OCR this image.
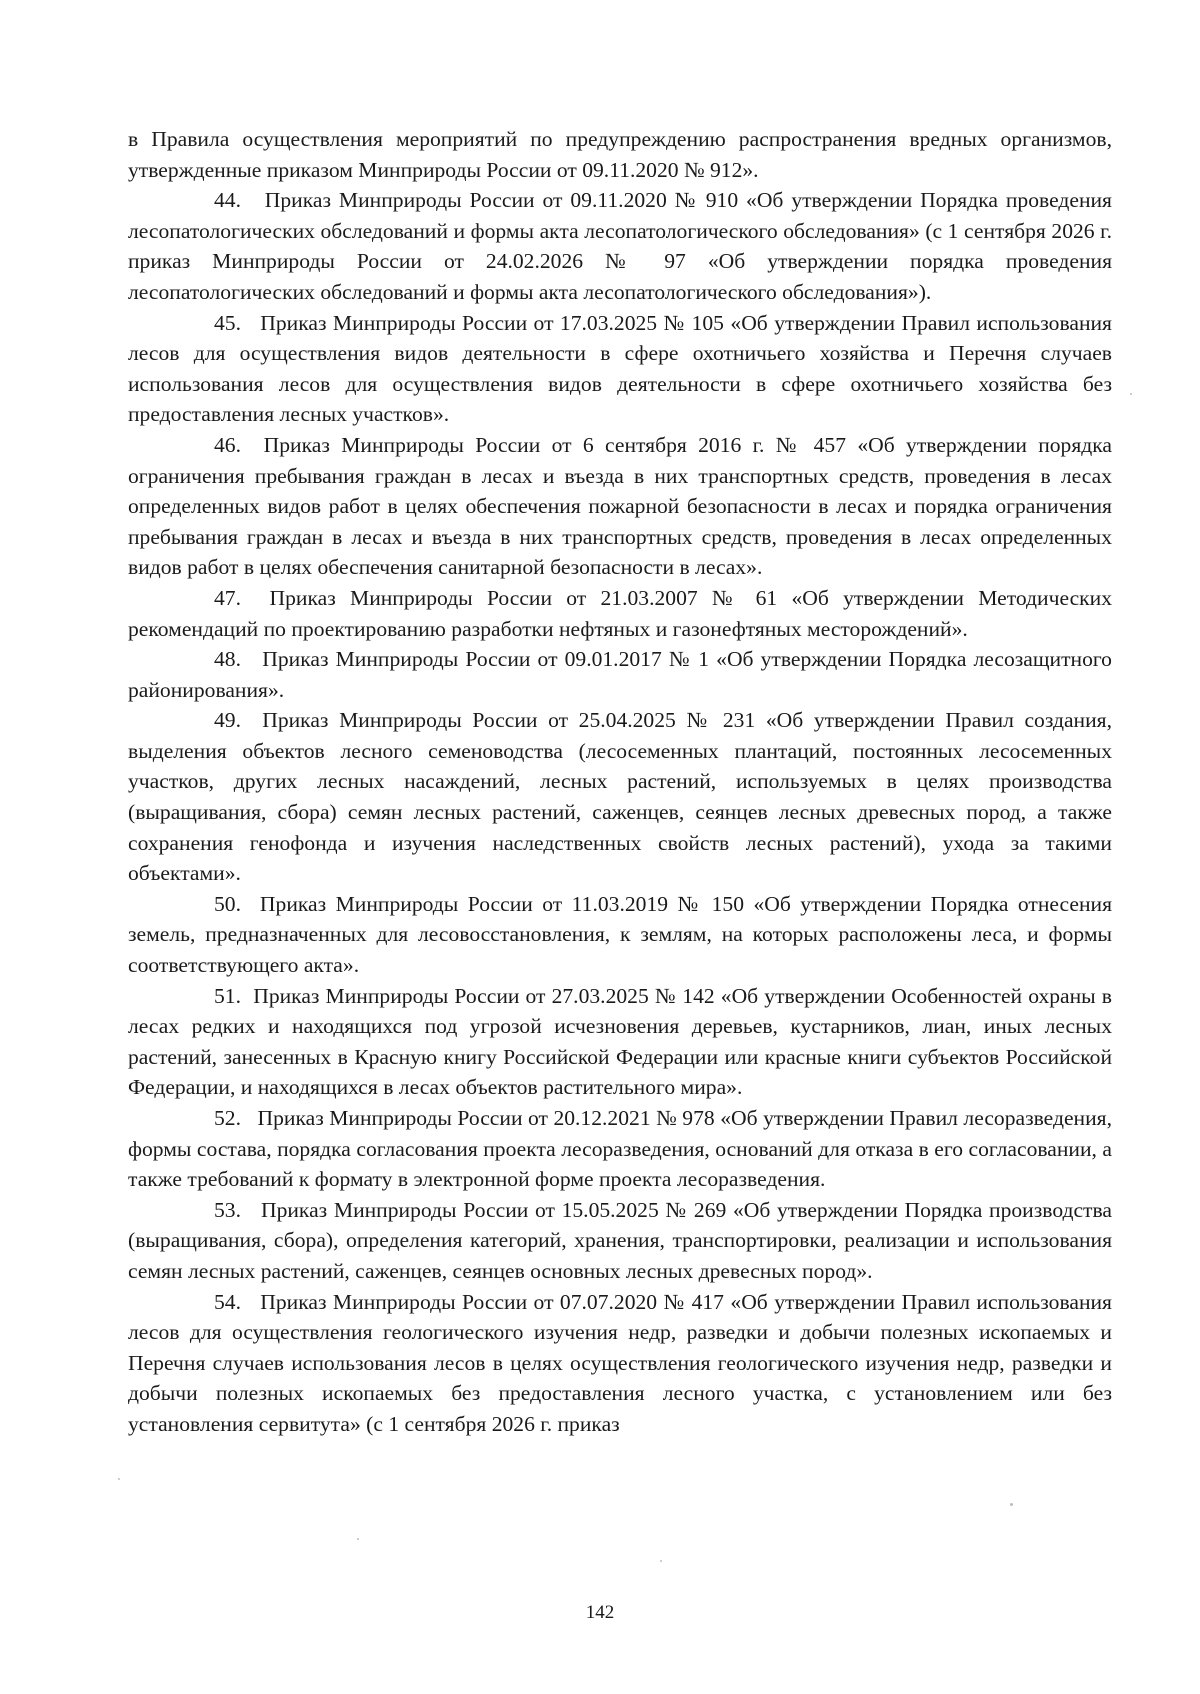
в Правила осуществления мероприятий по предупреждению распространения вредных организмов, утвержденные приказом Минприроды России от 09.11.2020 № 912».

44. Приказ Минприроды России от 09.11.2020 № 910 «Об утверждении Порядка проведения лесопатологических обследований и формы акта лесопатологического обследования» (с 1 сентября 2026 г. приказ Минприроды России от 24.02.2026 № 97 «Об утверждении порядка проведения лесопатологических обследований и формы акта лесопатологического обследования»).

45. Приказ Минприроды России от 17.03.2025 № 105 «Об утверждении Правил использования лесов для осуществления видов деятельности в сфере охотничьего хозяйства и Перечня случаев использования лесов для осуществления видов деятельности в сфере охотничьего хозяйства без предоставления лесных участков».

46. Приказ Минприроды России от 6 сентября 2016 г. № 457 «Об утверждении порядка ограничения пребывания граждан в лесах и въезда в них транспортных средств, проведения в лесах определенных видов работ в целях обеспечения пожарной безопасности в лесах и порядка ограничения пребывания граждан в лесах и въезда в них транспортных средств, проведения в лесах определенных видов работ в целях обеспечения санитарной безопасности в лесах».

47. Приказ Минприроды России от 21.03.2007 № 61 «Об утверждении Методических рекомендаций по проектированию разработки нефтяных и газонефтяных месторождений».

48. Приказ Минприроды России от 09.01.2017 № 1 «Об утверждении Порядка лесозащитного районирования».

49. Приказ Минприроды России от 25.04.2025 № 231 «Об утверждении Правил создания, выделения объектов лесного семеноводства (лесосеменных плантаций, постоянных лесосеменных участков, других лесных насаждений, лесных растений, используемых в целях производства (выращивания, сбора) семян лесных растений, саженцев, сеянцев лесных древесных пород, а также сохранения генофонда и изучения наследственных свойств лесных растений), ухода за такими объектами».

50. Приказ Минприроды России от 11.03.2019 № 150 «Об утверждении Порядка отнесения земель, предназначенных для лесовосстановления, к землям, на которых расположены леса, и формы соответствующего акта».

51. Приказ Минприроды России от 27.03.2025 № 142 «Об утверждении Особенностей охраны в лесах редких и находящихся под угрозой исчезновения деревьев, кустарников, лиан, иных лесных растений, занесенных в Красную книгу Российской Федерации или красные книги субъектов Российской Федерации, и находящихся в лесах объектов растительного мира».

52. Приказ Минприроды России от 20.12.2021 № 978 «Об утверждении Правил лесоразведения, формы состава, порядка согласования проекта лесоразведения, оснований для отказа в его согласовании, а также требований к формату в электронной форме проекта лесоразведения.

53. Приказ Минприроды России от 15.05.2025 № 269 «Об утверждении Порядка производства (выращивания, сбора), определения категорий, хранения, транспортировки, реализации и использования семян лесных растений, саженцев, сеянцев основных лесных древесных пород».

54. Приказ Минприроды России от 07.07.2020 № 417 «Об утверждении Правил использования лесов для осуществления геологического изучения недр, разведки и добычи полезных ископаемых и Перечня случаев использования лесов в целях осуществления геологического изучения недр, разведки и добычи полезных ископаемых без предоставления лесного участка, с установлением или без установления сервитута» (с 1 сентября 2026 г. приказ

142
